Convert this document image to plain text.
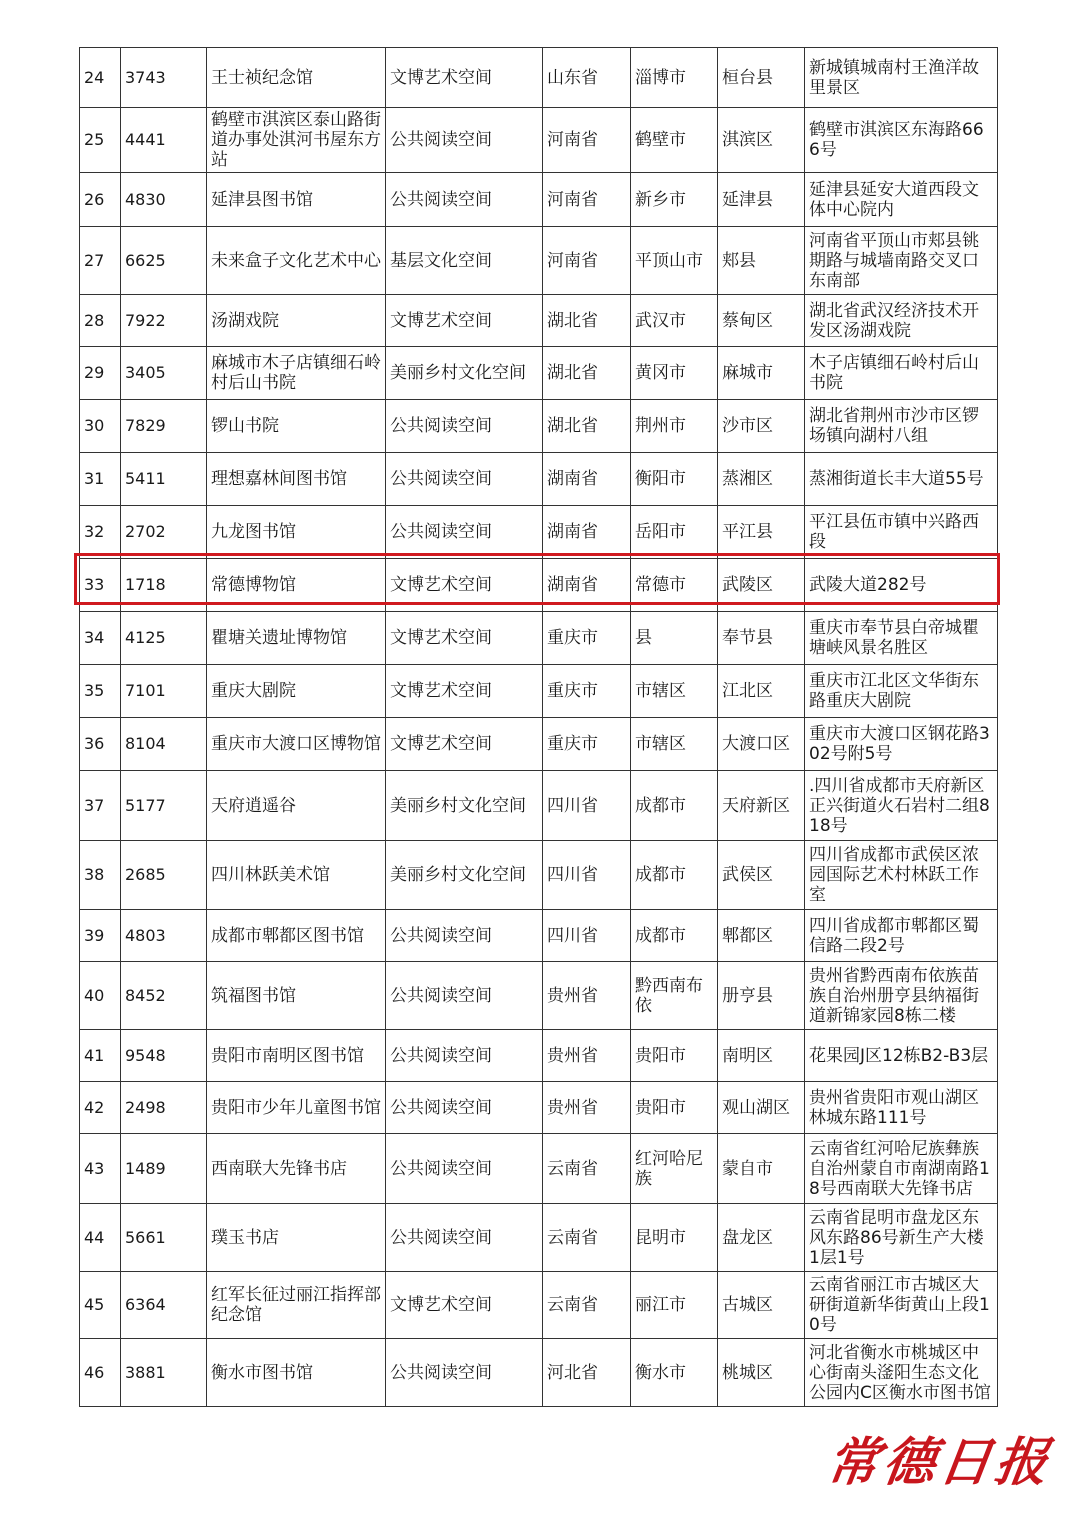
24	3743	王士祯纪念馆	文博艺术空间	山东省	淄博市	桓台县	新城镇城南村王渔洋故里景区
25	4441	鹤壁市淇滨区泰山路街道办事处淇河书屋东方站	公共阅读空间	河南省	鹤壁市	淇滨区	鹤壁市淇滨区东海路666号
26	4830	延津县图书馆	公共阅读空间	河南省	新乡市	延津县	延津县延安大道西段文体中心院内
27	6625	未来盒子文化艺术中心	基层文化空间	河南省	平顶山市	郏县	河南省平顶山市郏县铫期路与城墙南路交叉口东南部
28	7922	汤湖戏院	文博艺术空间	湖北省	武汉市	蔡甸区	湖北省武汉经济技术开发区汤湖戏院
29	3405	麻城市木子店镇细石岭村后山书院	美丽乡村文化空间	湖北省	黄冈市	麻城市	木子店镇细石岭村后山书院
30	7829	锣山书院	公共阅读空间	湖北省	荆州市	沙市区	湖北省荆州市沙市区锣场镇向湖村八组
31	5411	理想嘉林间图书馆	公共阅读空间	湖南省	衡阳市	蒸湘区	蒸湘街道长丰大道55号
32	2702	九龙图书馆	公共阅读空间	湖南省	岳阳市	平江县	平江县伍市镇中兴路西段
33	1718	常德博物馆	文博艺术空间	湖南省	常德市	武陵区	武陵大道282号
34	4125	瞿塘关遗址博物馆	文博艺术空间	重庆市	县	奉节县	重庆市奉节县白帝城瞿塘峡风景名胜区
35	7101	重庆大剧院	文博艺术空间	重庆市	市辖区	江北区	重庆市江北区文华街东路重庆大剧院
36	8104	重庆市大渡口区博物馆	文博艺术空间	重庆市	市辖区	大渡口区	重庆市大渡口区钢花路302号附5号
37	5177	天府逍遥谷	美丽乡村文化空间	四川省	成都市	天府新区	.四川省成都市天府新区正兴街道火石岩村二组818号
38	2685	四川林跃美术馆	美丽乡村文化空间	四川省	成都市	武侯区	四川省成都市武侯区浓园国际艺术村林跃工作室
39	4803	成都市郫都区图书馆	公共阅读空间	四川省	成都市	郫都区	四川省成都市郫都区蜀信路二段2号
40	8452	筑福图书馆	公共阅读空间	贵州省	黔西南布依	册亨县	贵州省黔西南布依族苗族自治州册亨县纳福街道新锦家园8栋二楼
41	9548	贵阳市南明区图书馆	公共阅读空间	贵州省	贵阳市	南明区	花果园J区12栋B2-B3层
42	2498	贵阳市少年儿童图书馆	公共阅读空间	贵州省	贵阳市	观山湖区	贵州省贵阳市观山湖区林城东路111号
43	1489	西南联大先锋书店	公共阅读空间	云南省	红河哈尼族	蒙自市	云南省红河哈尼族彝族自治州蒙自市南湖南路18号西南联大先锋书店
44	5661	璞玉书店	公共阅读空间	云南省	昆明市	盘龙区	云南省昆明市盘龙区东风东路86号新生产大楼1层1号
45	6364	红军长征过丽江指挥部纪念馆	文博艺术空间	云南省	丽江市	古城区	云南省丽江市古城区大研街道新华街黄山上段10号
46	3881	衡水市图书馆	公共阅读空间	河北省	衡水市	桃城区	河北省衡水市桃城区中心街南头滏阳生态文化公园内C区衡水市图书馆
常德日报
